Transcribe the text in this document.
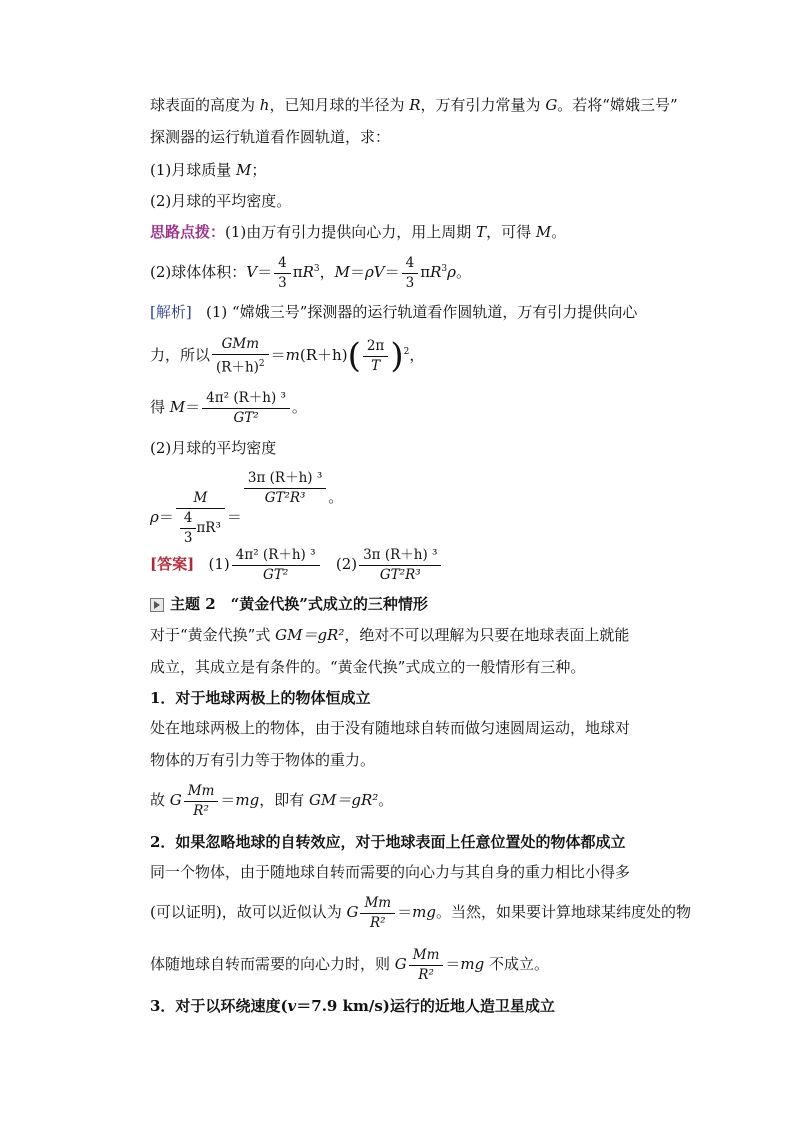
球表面的高度为 h，已知月球的半径为 R，万有引力常量为 G。若将“嫦娥三号”
探测器的运行轨道看作圆轨道，求：
(1)月球质量 M；
(2)月球的平均密度。
思路点拨：(1)由万有引力提供向心力，用上周期 T，可得 M。
(2)球体体积：$V= \frac{4}{3} \pi R^3$，$M=\rho V= \frac{4}{3} \pi R^3\rho$。
[解析] (1) “嫦娥三号”探测器的运行轨道看作圆轨道，万有引力提供向心
力，所以 $\frac{\text{GMm}}{(R+h)^2} =m(R+h)( \frac{2\pi}{T} )^2$，
得 $M= \frac{\text{4π² (R＋h) ³}}{\text{GT²}}$ 。
(2)月球的平均密度
$\rho= \frac{M}{\frac{4}{3} \pi R^3}$ ＝
$\frac{\text{3π (R＋h) ³}}{\text{GT²R³}}$ 。
[答案] $(1) \frac{\text{4π² (R＋h) ³}}{\text{GT²}} (2) \frac{\text{3π (R＋h) ³}}{\text{GT²R³}}$
主题 2　“黄金代换”式成立的三种情形
对于“黄金代换”式 GM＝gR²，绝对不可以理解为只要在地球表面上就能
成立，其成立是有条件的。“黄金代换”式成立的一般情形有三种。
1．对于地球两极上的物体恒成立
处在地球两极上的物体，由于没有随地球自转而做匀速圆周运动，地球对
物体的万有引力等于物体的重力。
故 G $\frac{Mm}{\text{R²}} =mg$，即有 GM＝gR²。
2．如果忽略地球的自转效应，对于地球表面上任意位置处的物体都成立
同一个物体，由于随地球自转而需要的向心力与其自身的重力相比小得多
(可以证明)，故可以近似认为 G $\frac{Mm}{\text{R²}} =mg$。当然，如果要计算地球某纬度处的物
体随地球自转而需要的向心力时，则 G $\frac{Mm}{\text{R²}} =mg$ 不成立。
3．对于以环绕速度(v＝7.9 km/s)运行的近地人造卫星成立
